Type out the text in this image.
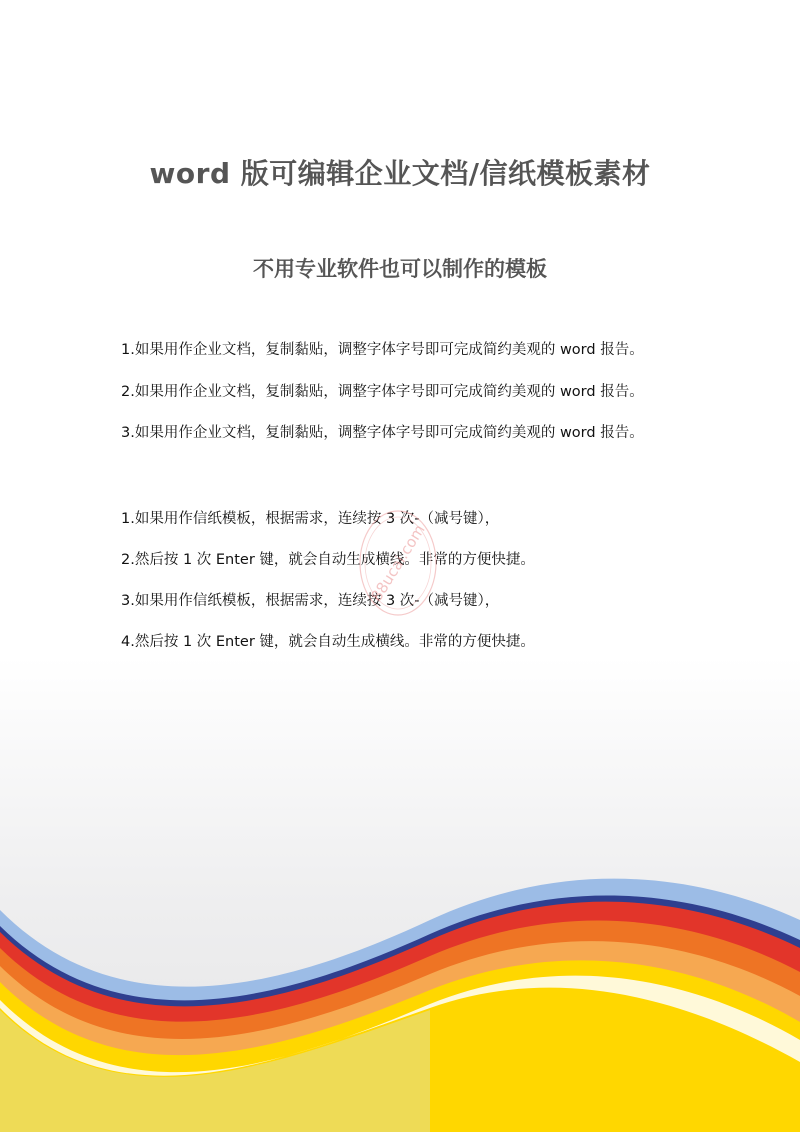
word 版可编辑企业文档/信纸模板素材
不用专业软件也可以制作的模板
1.如果用作企业文档，复制黏贴，调整字体字号即可完成简约美观的 word 报告。
2.如果用作企业文档，复制黏贴，调整字体字号即可完成简约美观的 word 报告。
3.如果用作企业文档，复制黏贴，调整字体字号即可完成简约美观的 word 报告。
1.如果用作信纸模板，根据需求，连续按 3 次-（减号键），
2.然后按 1 次 Enter 键，就会自动生成横线。非常的方便快捷。
3.如果用作信纸模板，根据需求，连续按 3 次-（减号键），
4.然后按 1 次 Enter 键，就会自动生成横线。非常的方便快捷。
88ucai.com
